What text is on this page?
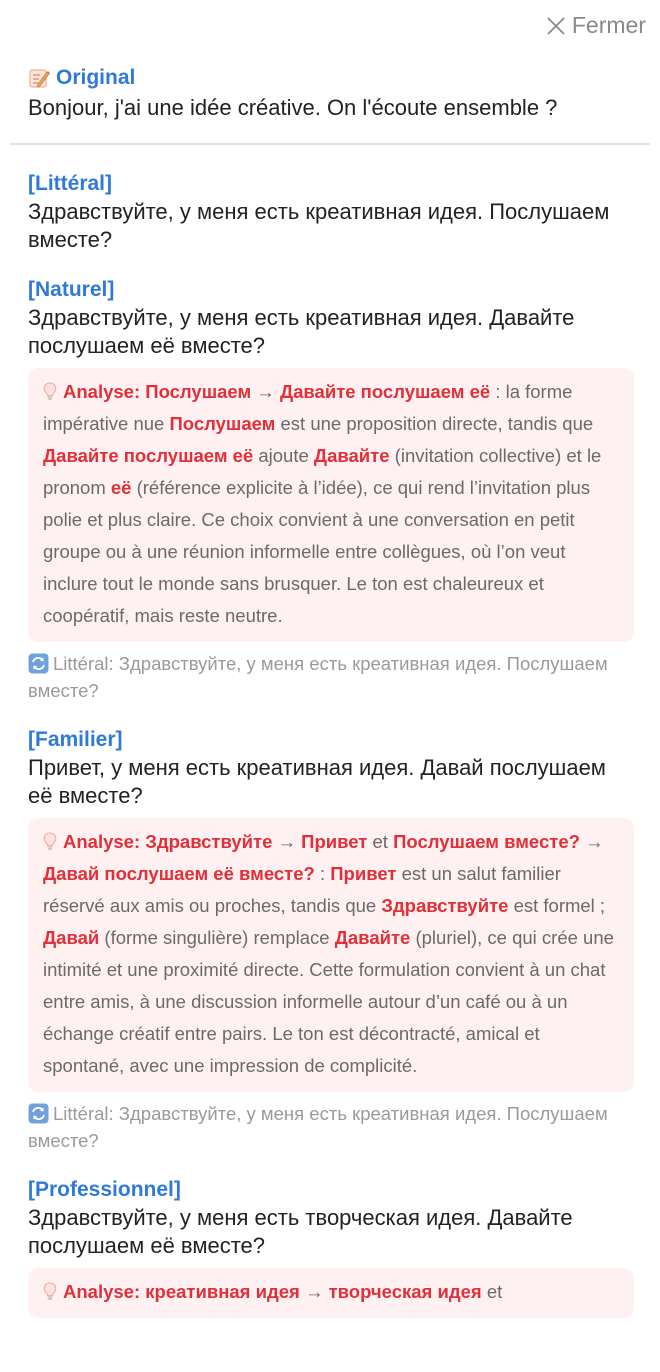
Fermer
Original
Bonjour, j'ai une idée créative. On l'écoute ensemble ?
[Littéral]
Здравствуйте, у меня есть креативная идея. Послушаем вместе?
[Naturel]
Здравствуйте, у меня есть креативная идея. Давайте послушаем её вместе?
Analyse: Послушаем → Давайте послушаем её : la forme impérative nue Послушаем est une proposition directe, tandis que Давайте послушаем её ajoute Давайте (invitation collective) et le pronom её (référence explicite à l’idée), ce qui rend l’invitation plus polie et plus claire. Ce choix convient à une conversation en petit groupe ou à une réunion informelle entre collègues, où l’on veut inclure tout le monde sans brusquer. Le ton est chaleureux et coopératif, mais reste neutre.
Littéral: Здравствуйте, у меня есть креативная идея. Послушаем вместе?
[Familier]
Привет, у меня есть креативная идея. Давай послушаем её вместе?
Analyse: Здравствуйте → Привет et Послушаем вместе? → Давай послушаем её вместе? : Привет est un salut familier réservé aux amis ou proches, tandis que Здравствуйте est formel ; Давай (forme singulière) remplace Давайте (pluriel), ce qui crée une intimité et une proximité directe. Cette formulation convient à un chat entre amis, à une discussion informelle autour d’un café ou à un échange créatif entre pairs. Le ton est décontracté, amical et spontané, avec une impression de complicité.
Littéral: Здравствуйте, у меня есть креативная идея. Послушаем вместе?
[Professionnel]
Здравствуйте, у меня есть творческая идея. Давайте послушаем её вместе?
Analyse: креативная идея → творческая идея et
